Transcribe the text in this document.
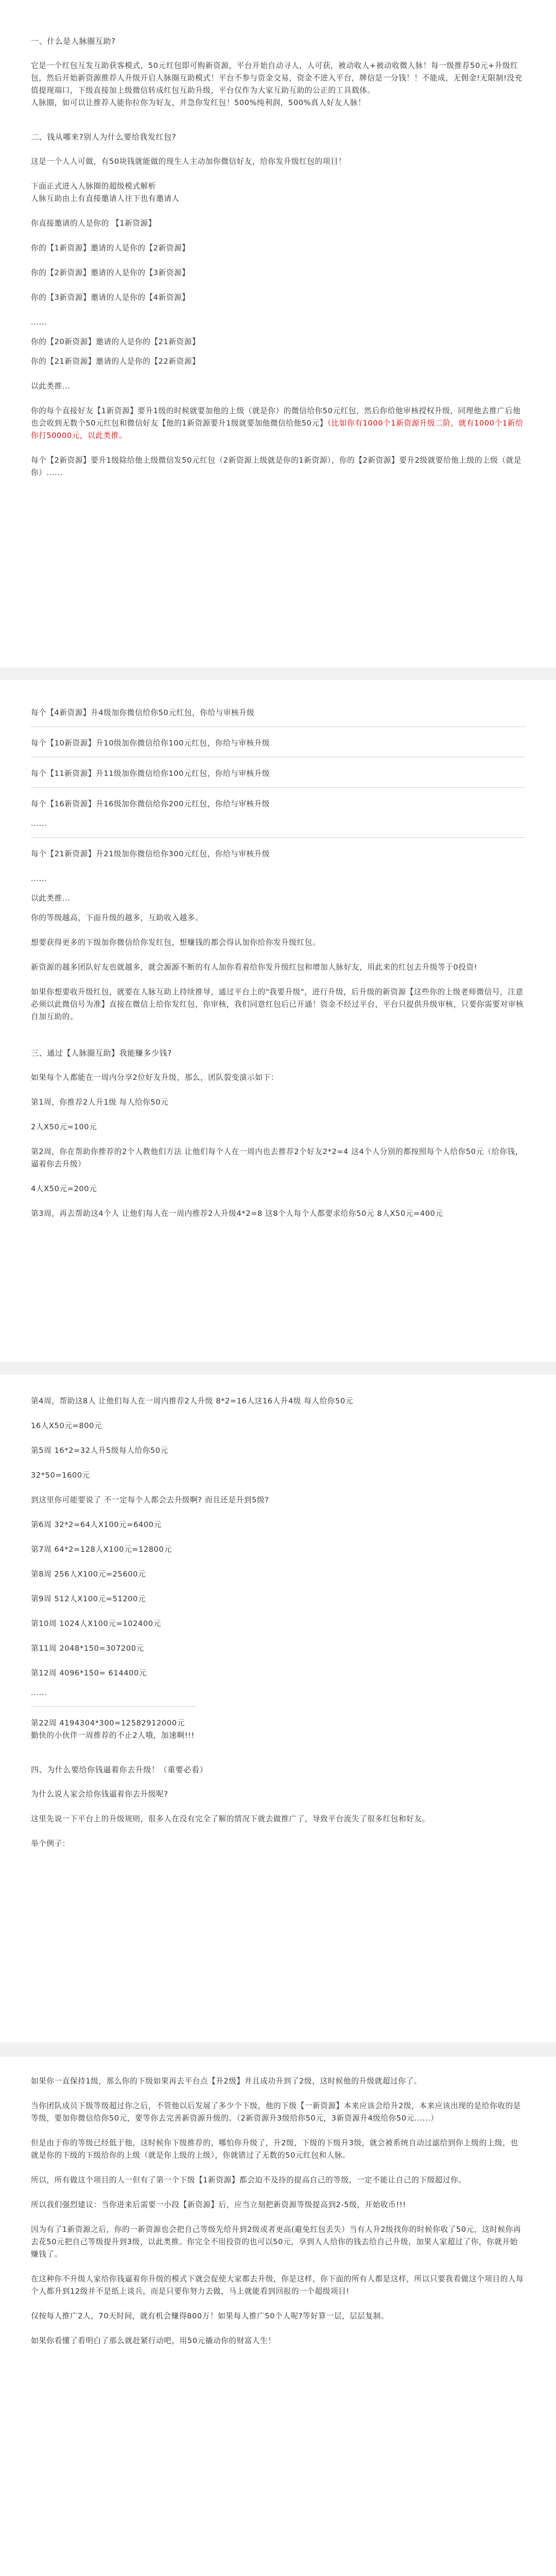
一、什么是人脉圈互助?

它是一个红包互发互助获客模式，50元红包即可购新资源，平台开始自动寻人，人可获，被动收人+被动收微人脉！每一级推荐50元+升级红包，然后开始新资源推荐人升级开启人脉圈互助模式！平台不参与资金交易，资金不进入平台，牌信是一分钱！！不能成，无佣金!无限制!没充值提现端口，下级直接加上级微信转成红包互助升级，平台仅作为大家互助互助的公正的工具载体。
人脉圈，如可以让推荐人能你拉你为好友，并急你发红包！500%纯利润，500%真人好友人脉！

二、钱从哪来?别人为什么要给我发红包?

这是一个人人可做，有50块钱就能做的现生人主动加你微信好友，给你发升级红包的项目！

下面正式进入人脉圈的超级模式解析
人脉互助由上有直接邀请人往下也有邀请人

你直接邀请的人是你的 【1新资源】

你的【1新资源】邀请的人是你的【2新资源】

你的【2新资源】邀请的人是你的【3新资源】

你的【3新资源】邀请的人是你的【4新资源】

......

你的【20新资源】邀请的人是你的【21新资源】

你的【21新资源】邀请的人是你的【22新资源】

以此类推...

你的每个直接好友【1新资源】要升1级的时候就要加他的上级（就是你）的微信给你50元红包，然后你给他审核授权升级，同理他去推广后他也会收到无数个50元红包和微信好友【他的1新资源要升1级就要加他微信给他50元】（比如你有1000个1新资源升级二阶，就有1000个1新给你打50000元，以此类推。

每个【2新资源】要升1级除给他上级微信发50元红包（2新资源上级就是你的1新资源），你的【2新资源】要升2级就要给他上级的上级（就是你）......

每个【4新资源】升4级加你微信给你50元红包，你给与审核升级

每个【10新资源】升10级加你微信给你100元红包，你给与审核升级

每个【11新资源】升11级加你微信给你100元红包，你给与审核升级

每个【16新资源】升16级加你微信给你200元红包，你给与审核升级

......

每个【21新资源】升21级加你微信给你300元红包，你给与审核升级

......

以此类推...

你的等级越高，下面升级的越多，互助收入越多。

想要获得更多的下级加你微信给你发红包，想赚钱的都会得认加你给你发升级红包。

新资源的越多团队好友也就越多，就会源源不断的有人加你看着给你发升级红包和增加人脉好友，用此来的红包去升级等于0投资!

如果你想要收升级红包，就要在人脉互助上持续推导，通过平台上的"我要升级"，进行升级，后升级的新资源【这些你的上级老师微信号，注意必须以此微信号为准】直接在微信上给你发红包，你审核，我们同意红包后已开通！资金不经过平台，平台只提供升级审核，只要你需要对审核自加互助的。

三、通过【人脉圈互助】我能赚多少钱?

如果每个人都能在一周内分享2位好友升级，那么，团队裂变演示如下：

第1周，你推荐2人升1级 每人给你50元

2人X50元=100元

第2周，你在帮助你推荐的2个人教他们方法 让他们每个人在一周内也去推荐2个好友2*2=4 这4个人分别的都按照每个人给你50元（给你钱，逼着你去升级）

4人X50元=200元

第3周，再去帮助这4个人 让他们每人在一周内推荐2人升级4*2=8 这8个人每个人都要求给你50元 8人X50元=400元

第4周，帮助这8人 让他们每人在一周内推荐2人升级 8*2=16人这16人升4级 每人给你50元

16人X50元=800元

第5周 16*2=32人升5级每人给你50元

32*50=1600元

到这里你可能要说了 不一定每个人都会去升级啊? 而且还是升到5级?

第6周 32*2=64人X100元=6400元

第7周 64*2=128人X100元=12800元

第8周 256人X100元=25600元

第9周 512人X100元=51200元

第10周 1024人X100元=102400元

第11周 2048*150=307200元

第12周 4096*150= 614400元

......

第22周 4194304*300=12582912000元
勤快的小伙伴一周推荐的不止2人哦，加速啊!!!

四、为什么要给你钱逼着你去升级！（重要必看）

为什么说人家会给你钱逼着你去升级呢?

这里先说一下平台上的升级规则，很多人在没有完全了解的情况下就去做推广了，导致平台流失了很多红包和好友。

举个例子：

如果你一直保持1级，那么你的下级如果再去平台点【升2级】并且成功升到了2级，这时候他的升级就超过你了。

当你团队成员下级等级超过你之后，不管他以后发展了多少个下级，他的下级【一新资源】本来应该会给升2级，本来应该出现的是给你收的是等级，要加你微信给你50元，要等你去完善新资源升级的。（2新资源升3级给你50元，3新资源升4级给你50元......）

但是由于你的等级已经低于他，这时候你下级推荐的，哪怕你升级了，升2级，下级的下级升3级，就会被系统自动过滤给到你上级的上级，也就是你的下级的下级给你的上级（就是你上级的上级），你就错过了无数的50元红包和人脉。

所以，所有做这个项目的人一但有了第一个下级【1新资源】都会迫不及待的提高自己的等级，一定不能让自己的下级超过你。

所以我们强烈建议：当你进来后需要一小段【新资源】后，应当立刻把新资源等级提高到2-5级，开始收币!!!

因为有了1新资源之后，你的一新资源也会把自己等级先给升到2级或者更高(避免红包丢失）当有人升2级找你的时候你收了50元，这时候你再去花50元把自己等级提升到3级，以此类推。你完全不用投资的也可以50元，享到人人给你的钱去给自己升级，加果人家超过了你，你就开始赚钱了。

在这种你不升级人家给你钱逼着你升级的模式下就会促使大家都去升级，你是这样，你下面的所有人都是这样，所以只要我看做这个项目的人每个人都升到12级并不是纸上谈兵，而是只要你努力去做，马上就能看到回报的一个超级项目!

仅按每人推广2人，70天时间，就有机会赚得800万！如果每人推广50个人呢?等好算一层，层层复制。

如果你看懂了看明白了那么就赶紧行动吧，用50元撬动你的财富人生！
